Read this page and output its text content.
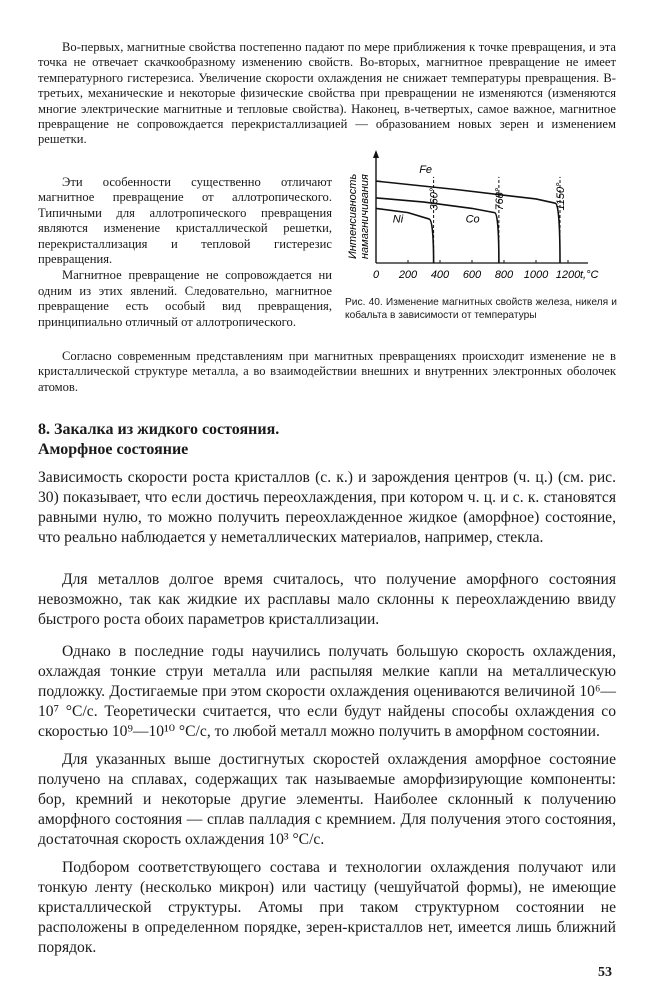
Во-первых, магнитные свойства постепенно падают по мере приближения к точке превращения, и эта точка не отвечает скачкообразному изменению свойств. Во-вторых, магнитное превращение не имеет температурного гистерезиса. Увеличение скорости охлаждения не снижает температуры превращения. В-третьих, механические и некоторые физические свойства при превращении не изменяются (изменяются многие электрические магнитные и тепловые свойства). Наконец, в-четвертых, самое важное, магнитное превращение не сопровождается перекристаллизацией — образованием новых зерен и изменением решетки.

Эти особенности существенно отличают магнитное превращение от аллотропического. Типичными для аллотропического превращения являются изменение кристаллической решетки, перекристаллизация и тепловой гистерезис превращения.

Магнитное превращение не сопровождается ни одним из этих явлений. Следовательно, магнитное превращение есть особый вид превращения, принципиально отличный от аллотропического.

0 200 400 600 800 1000 1200 t,°C
Интенсивность намагничивания	1150°
Fe
360°
Ni
768°
Co

Рис. 40. Изменение магнитных свойств железа, никеля и кобальта в зависимости от температуры

Согласно современным представлениям при магнитных превращениях происходит изменение не в кристаллической структуре металла, а во взаимодействии внешних и внутренних электронных оболочек атомов.

8. Закалка из жидкого состояния.
Аморфное состояние

Зависимость скорости роста кристаллов (с. к.) и зарождения центров (ч. ц.) (см. рис. 30) показывает, что если достичь переохлаждения, при котором ч. ц. и с. к. становятся равными нулю, то можно получить переохлажденное жидкое (аморфное) состояние, что реально наблюдается у неметаллических материалов, например, стекла.

Для металлов долгое время считалось, что получение аморфного состояния невозможно, так как жидкие их расплавы мало склонны к переохлаждению ввиду быстрого роста обоих параметров кристаллизации.

Однако в последние годы научились получать большую скорость охлаждения, охлаждая тонкие струи металла или распыляя мелкие капли на металлическую подложку. Достигаемые при этом скорости охлаждения оцениваются величиной 10⁶—10⁷ °С/с. Теоретически считается, что если будут найдены способы охлаждения со скоростью 10⁹—10¹⁰ °С/с, то любой металл можно получить в аморфном состоянии.

Для указанных выше достигнутых скоростей охлаждения аморфное состояние получено на сплавах, содержащих так называемые аморфизирующие компоненты: бор, кремний и некоторые другие элементы. Наиболее склонный к получению аморфного состояния — сплав палладия с кремнием. Для получения этого состояния, достаточная скорость охлаждения 10³ °С/с.

Подбором соответствующего состава и технологии охлаждения получают или тонкую ленту (несколько микрон) или частицу (чешуйчатой формы), не имеющие кристаллической структуры. Атомы при таком структурном состоянии не расположены в определенном порядке, зерен-кристаллов нет, имеется лишь ближний порядок.

53
